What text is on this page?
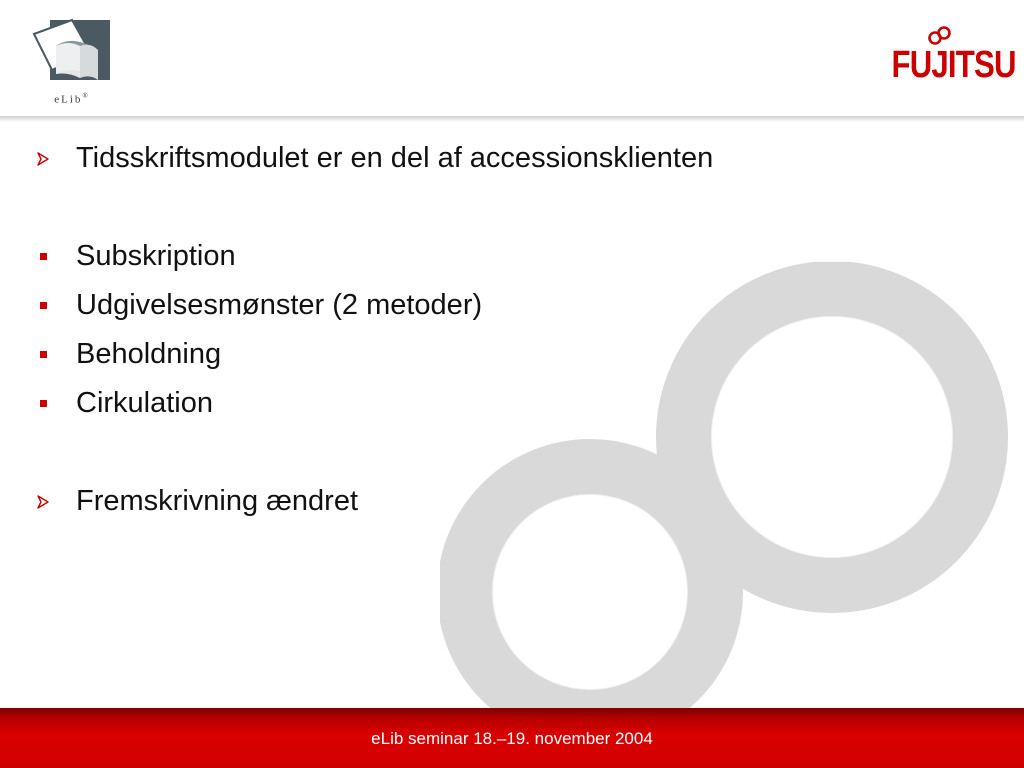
eLib®
FUJITSU
Tidsskriftsmodulet er en del af accessionsklienten
Subskription
Udgivelsesmønster (2 metoder)
Beholdning
Cirkulation
Fremskrivning ændret
eLib seminar 18.–19. november 2004
